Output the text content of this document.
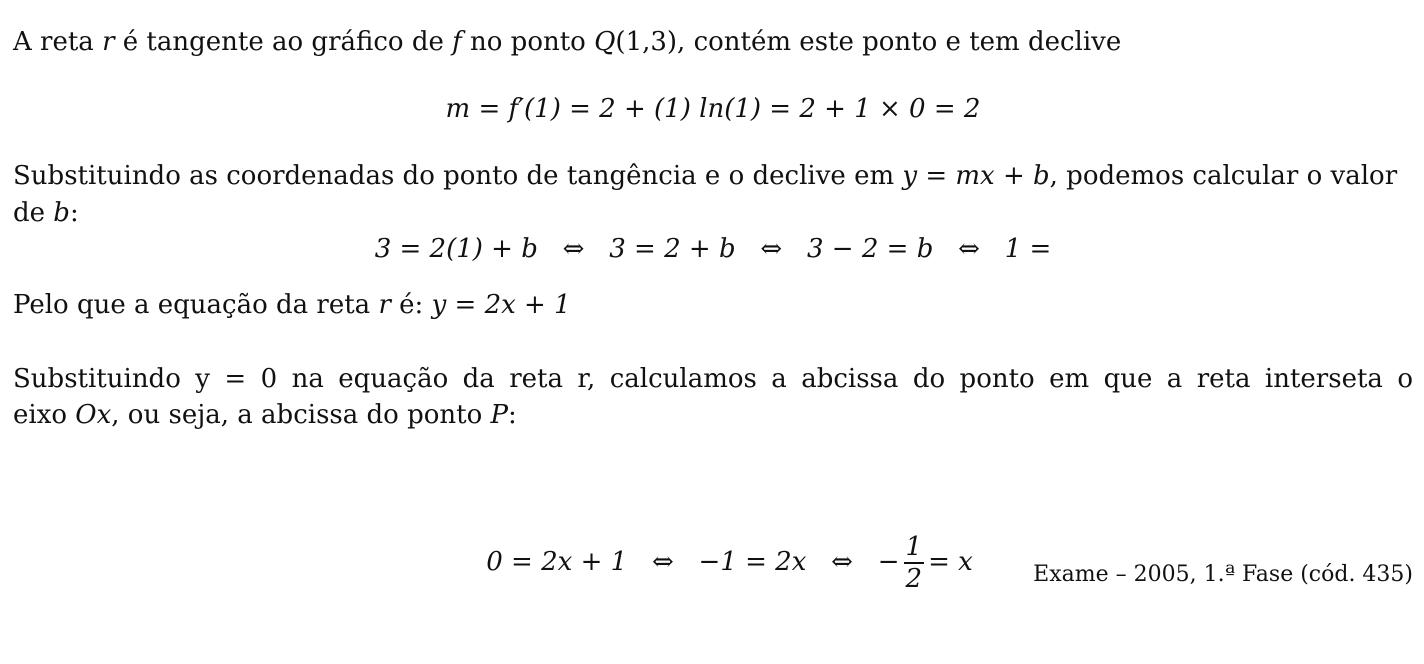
A reta r é tangente ao gráfico de f no ponto Q(1,3), contém este ponto e tem declive
m = f′(1) = 2 + (1) ln(1) = 2 + 1 × 0 = 2
Substituindo as coordenadas do ponto de tangência e o declive em y = mx + b, podemos calcular o valor
de b:
3 = 2(1) + b   ⇔   3 = 2 + b   ⇔   3 − 2 = b   ⇔   1 =
Pelo que a equação da reta r é: y = 2x + 1
Substituindo y = 0 na equação da reta r, calculamos a abcissa do ponto em que a reta interseta o
eixo Ox, ou seja, a abcissa do ponto P:

0 = 2x + 1   ⇔   −1 = 2x   ⇔   − $\frac{1}{2} = x$
	Exame – 2005, 1.ª Fase (cód. 435)
